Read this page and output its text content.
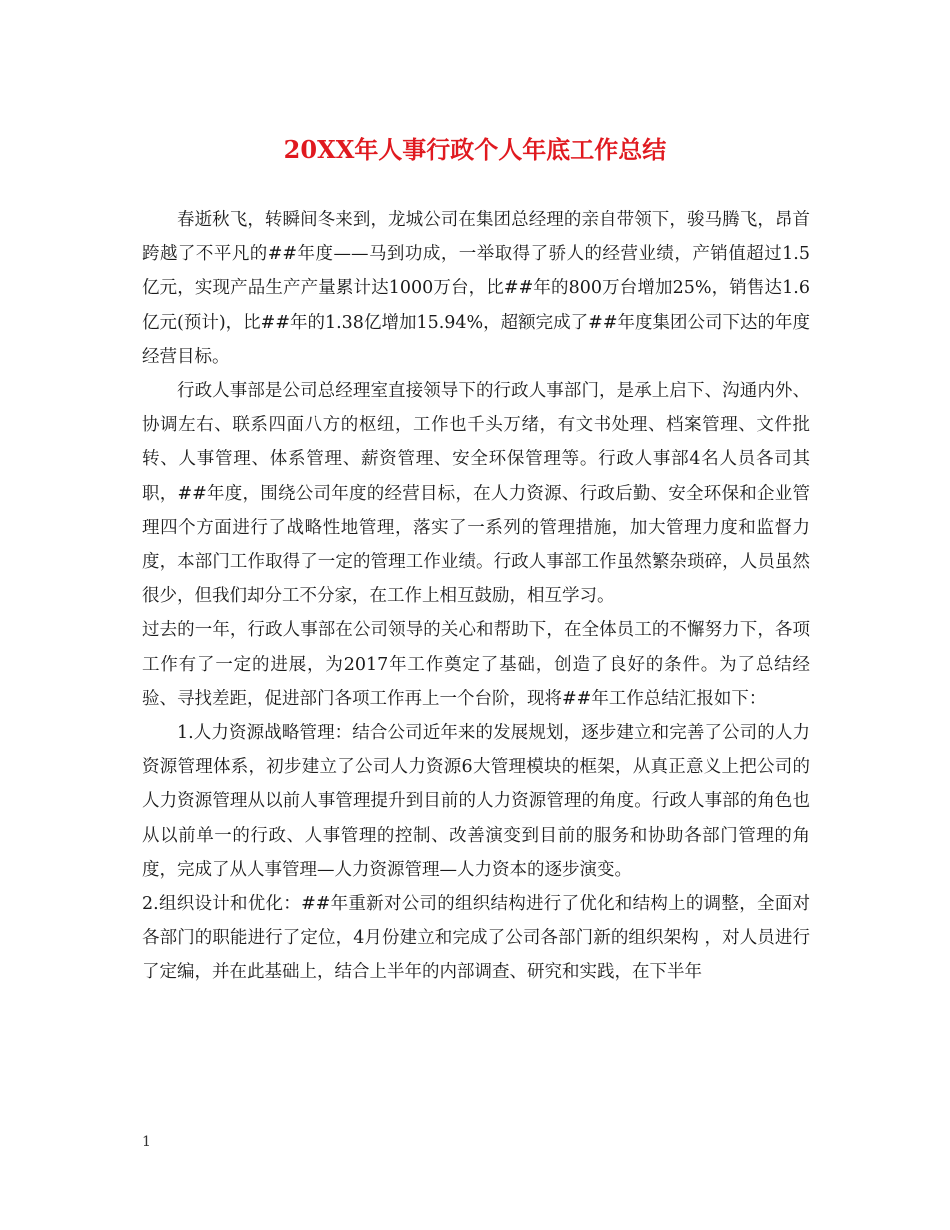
20XX年人事行政个人年底工作总结

春逝秋飞，转瞬间冬来到，龙城公司在集团总经理的亲自带领下，骏马腾飞，昂首跨越了不平凡的##年度——马到功成，一举取得了骄人的经营业绩，产销值超过1.5亿元，实现产品生产产量累计达1000万台，比##年的800万台增加25%，销售达1.6亿元(预计)，比##年的1.38亿增加15.94%，超额完成了##年度集团公司下达的年度经营目标。

行政人事部是公司总经理室直接领导下的行政人事部门，是承上启下、沟通内外、协调左右、联系四面八方的枢纽，工作也千头万绪，有文书处理、档案管理、文件批转、人事管理、体系管理、薪资管理、安全环保管理等。行政人事部4名人员各司其职，##年度，围绕公司年度的经营目标，在人力资源、行政后勤、安全环保和企业管理四个方面进行了战略性地管理，落实了一系列的管理措施，加大管理力度和监督力度，本部门工作取得了一定的管理工作业绩。行政人事部工作虽然繁杂琐碎，人员虽然很少，但我们却分工不分家，在工作上相互鼓励，相互学习。

过去的一年，行政人事部在公司领导的关心和帮助下，在全体员工的不懈努力下，各项工作有了一定的进展，为2017年工作奠定了基础，创造了良好的条件。为了总结经验、寻找差距，促进部门各项工作再上一个台阶，现将##年工作总结汇报如下：

1.人力资源战略管理：结合公司近年来的发展规划，逐步建立和完善了公司的人力资源管理体系，初步建立了公司人力资源6大管理模块的框架，从真正意义上把公司的人力资源管理从以前人事管理提升到目前的人力资源管理的角度。行政人事部的角色也从以前单一的行政、人事管理的控制、改善演变到目前的服务和协助各部门管理的角度，完成了从人事管理—人力资源管理—人力资本的逐步演变。

2.组织设计和优化：##年重新对公司的组织结构进行了优化和结构上的调整，全面对各部门的职能进行了定位，4月份建立和完成了公司各部门新的组织架构 ，对人员进行了定编，并在此基础上，结合上半年的内部调查、研究和实践，在下半年

1
